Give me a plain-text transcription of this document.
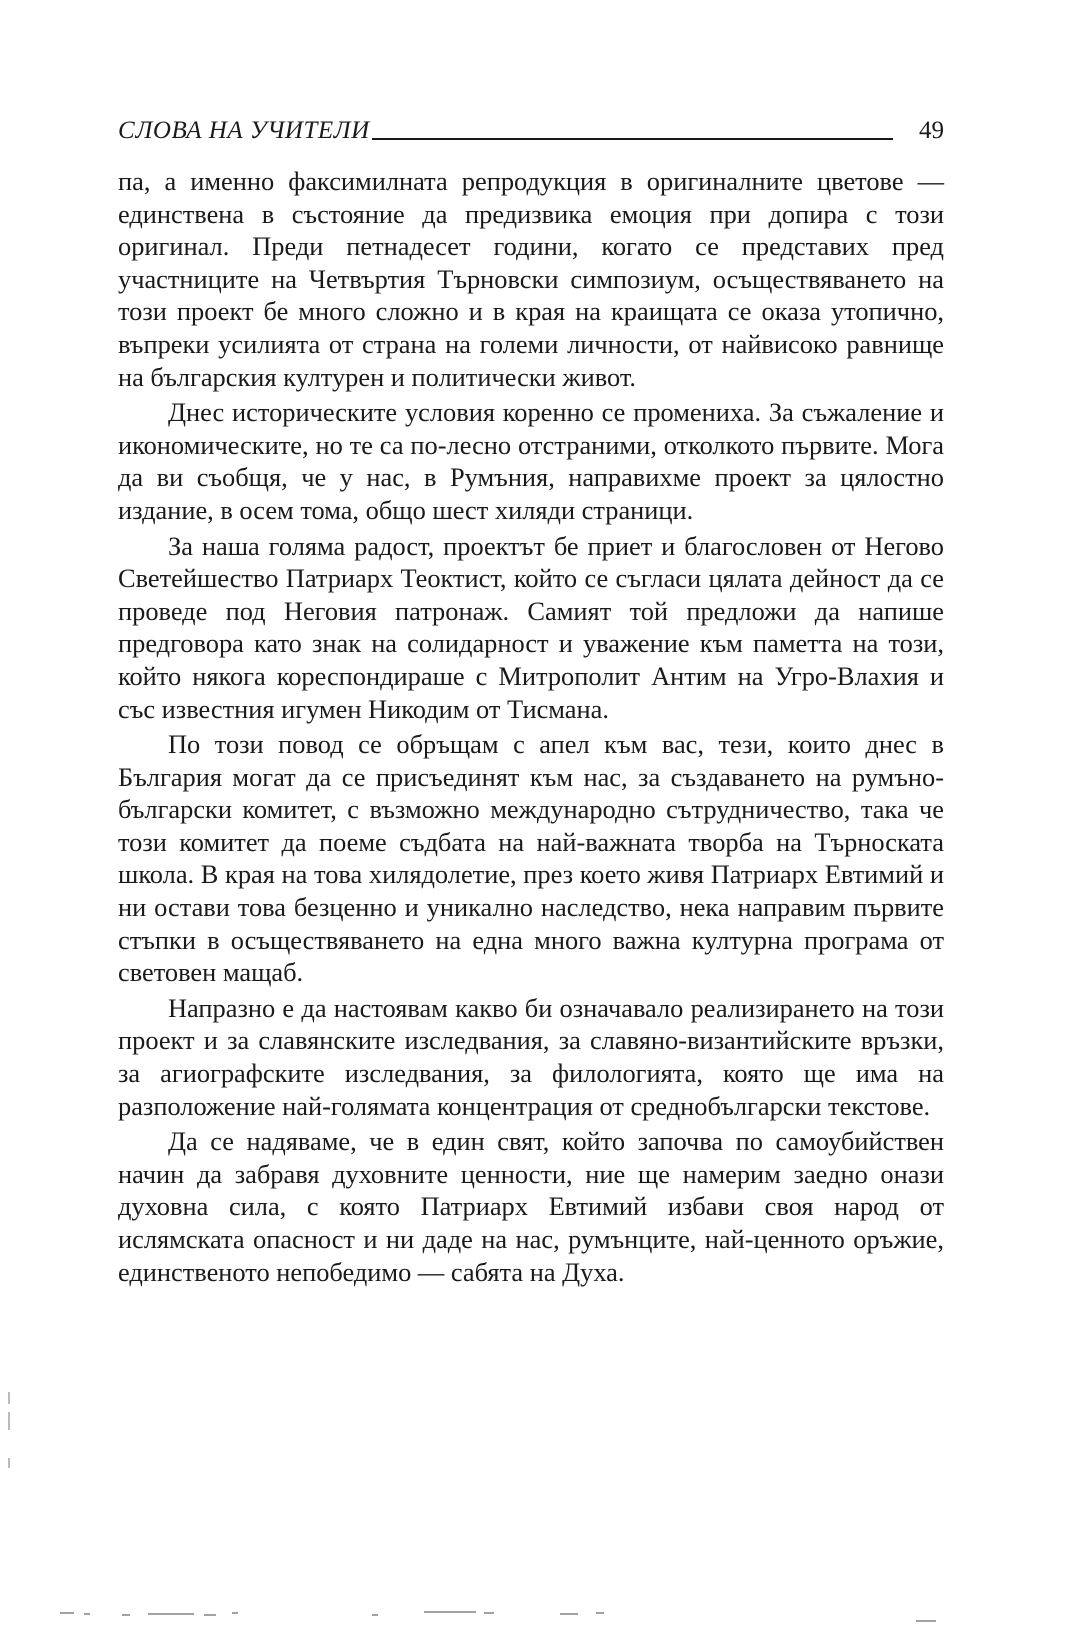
СЛОВА НА УЧИТЕЛИ	49

па, а именно факсимилната репродукция в оригиналните цветове — единствена в състояние да предизвика емоция при допира с този оригинал. Преди петнадесет години, когато се представих пред участниците на Четвъртия Търновски симпозиум, осъществяването на този проект бе много сложно и в края на краищата се оказа утопично, въпреки усилията от страна на големи личности, от найвисоко равнище на българския културен и политически живот.

Днес историческите условия коренно се промениха. За съжаление и икономическите, но те са по-лесно отстраними, отколкото първите. Мога да ви съобщя, че у нас, в Румъния, направихме проект за цялостно издание, в осем тома, общо шест хиляди страници.

За наша голяма радост, проектът бе приет и благословен от Негово Светейшество Патриарх Теоктист, който се съгласи цялата дейност да се проведе под Неговия патронаж. Самият той предложи да напише предговора като знак на солидарност и уважение към паметта на този, който някога кореспондираше с Митрополит Антим на Угро-Влахия и със известния игумен Никодим от Тисмана.

По този повод се обръщам с апел към вас, тези, които днес в България могат да се присъединят към нас, за създаването на румъно-български комитет, с възможно международно сътрудничество, така че този комитет да поеме съдбата на най-важната творба на Търноската школа. В края на това хилядолетие, през което живя Патриарх Евтимий и ни остави това безценно и уникално наследство, нека направим първите стъпки в осъществяването на една много важна културна програма от световен мащаб.

Напразно е да настоявам какво би означавало реализирането на този проект и за славянските изследвания, за славяно-византийските връзки, за агиографските изследвания, за филологията, която ще има на разположение най-голямата концентрация от среднобългарски текстове.

Да се надяваме, че в един свят, който започва по самоубийствен начин да забравя духовните ценности, ние ще намерим заедно онази духовна сила, с която Патриарх Евтимий избави своя народ от ислямската опасност и ни даде на нас, румънците, най-ценното оръжие, единственото непобедимо — сабята на Духа.
